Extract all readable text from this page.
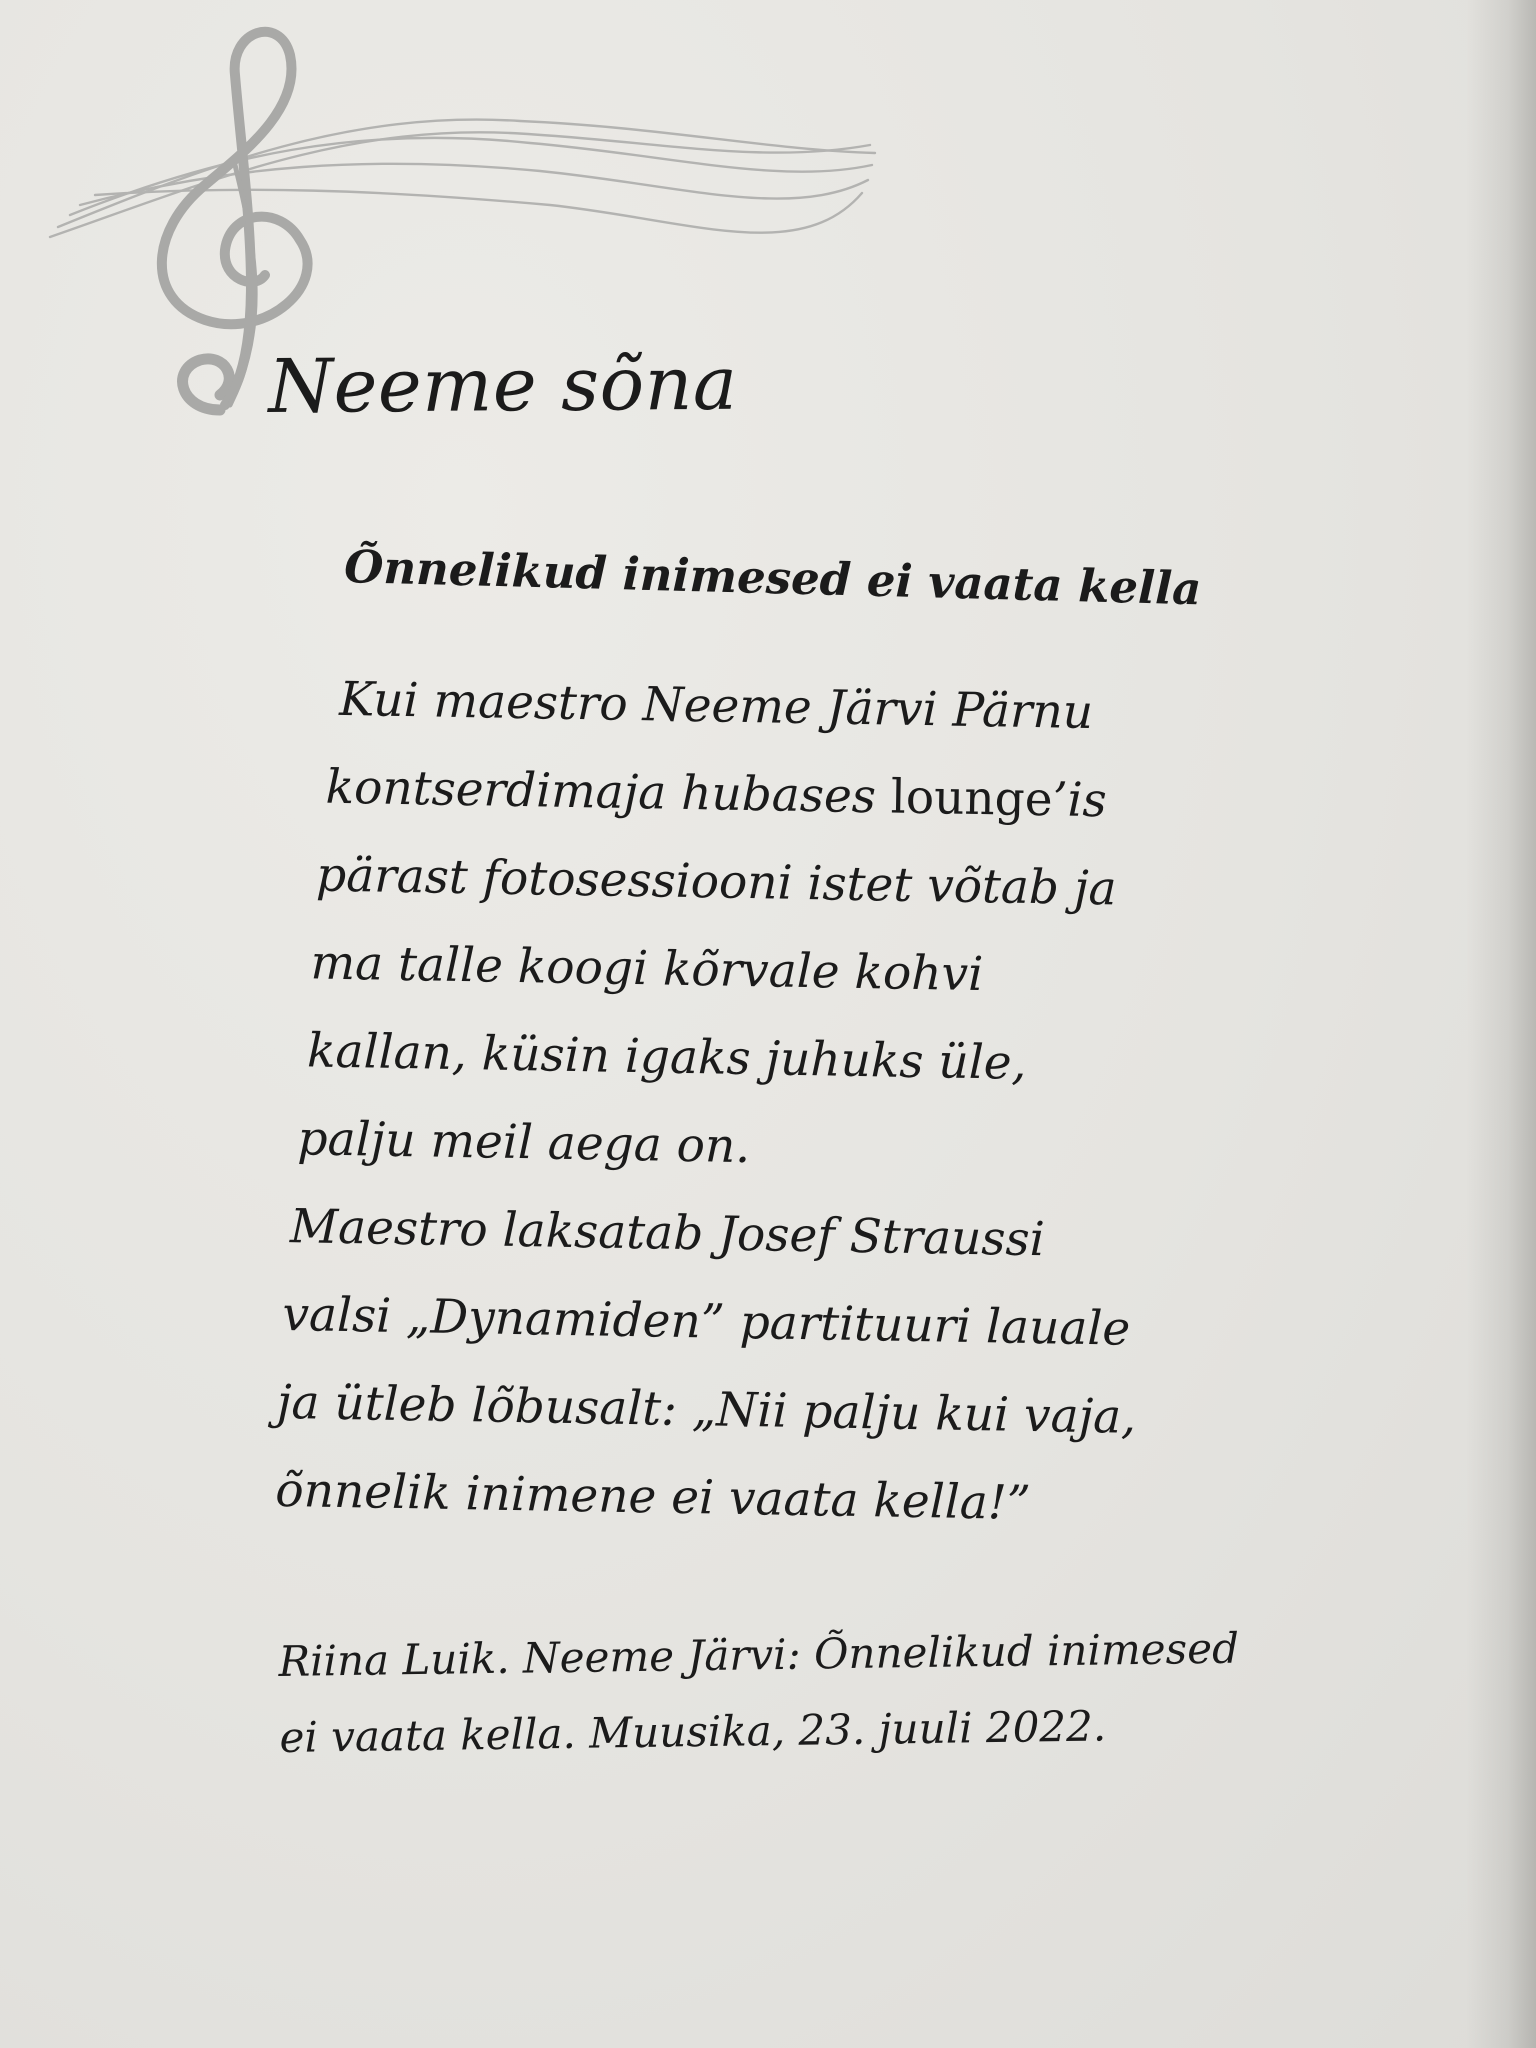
Neeme sõna
Õnnelikud inimesed ei vaata kella
Kui maestro Neeme Järvi Pärnu
kontserdimaja hubases lounge’is
pärast fotosessiooni istet võtab ja
ma talle koogi kõrvale kohvi
kallan, küsin igaks juhuks üle,
palju meil aega on.
Maestro laksatab Josef Straussi
valsi „Dynamiden” partituuri lauale
ja ütleb lõbusalt: „Nii palju kui vaja,
õnnelik inimene ei vaata kella!”
Riina Luik. Neeme Järvi: Õnnelikud inimesed
ei vaata kella. Muusika, 23. juuli 2022.
